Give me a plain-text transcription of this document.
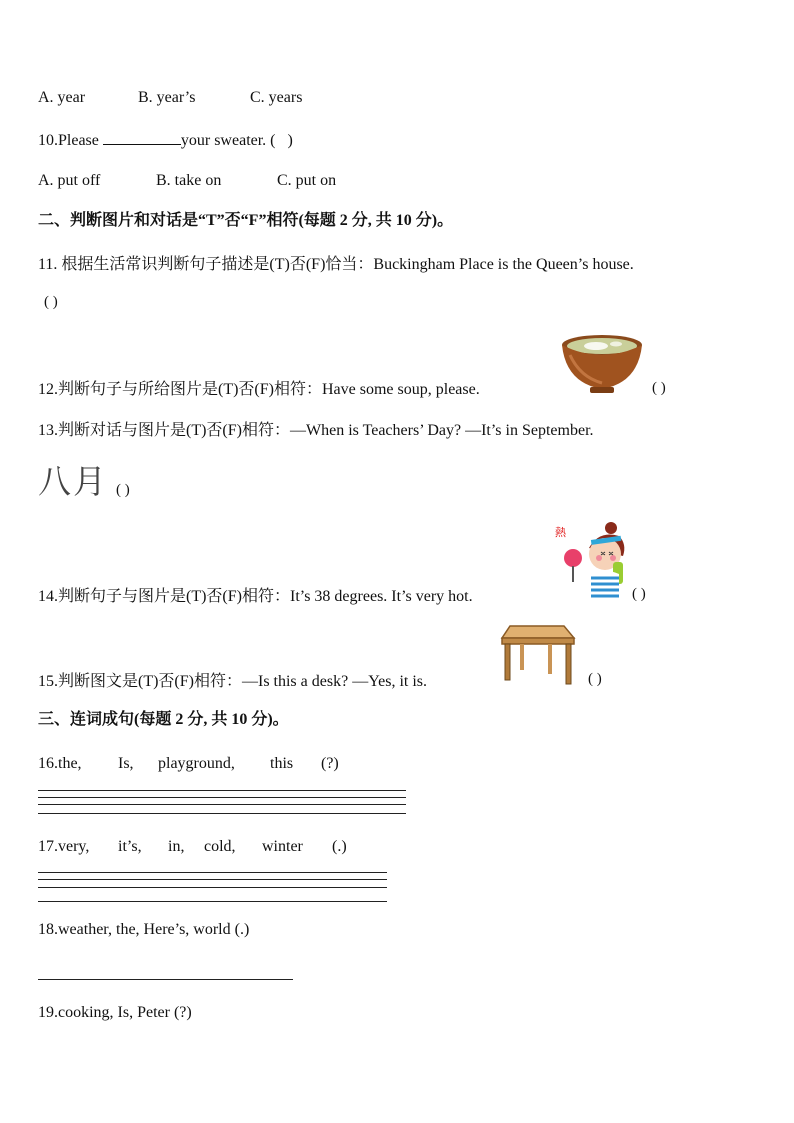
A. year	B. year’s	C. years
10.Please	your sweater. ( )
A. put off	B. take on	C. put on
二、判断图片和对话是“T”否“F”相符(每题 2 分, 共 10 分)。
11. 根据生活常识判断句子描述是(T)否(F)恰当：Buckingham Place is the Queen’s house.
( )
12.判断句子与所给图片是(T)否(F)相符：Have some soup, please.	( )
13.判断对话与图片是(T)否(F)相符：—When is Teachers’ Day? —It’s in September.
八月 ( )
14.判断句子与图片是(T)否(F)相符：It’s 38 degrees. It’s very hot.
熱
( )
15.判断图文是(T)否(F)相符：—Is this a desk? —Yes, it is.	( )
三、连词成句(每题 2 分, 共 10 分)。
16.the, Is, playground, this (?)
17.very, it’s, in, cold, winter (.)
18.weather, the, Here’s, world (.)
19.cooking, Is, Peter (?)
